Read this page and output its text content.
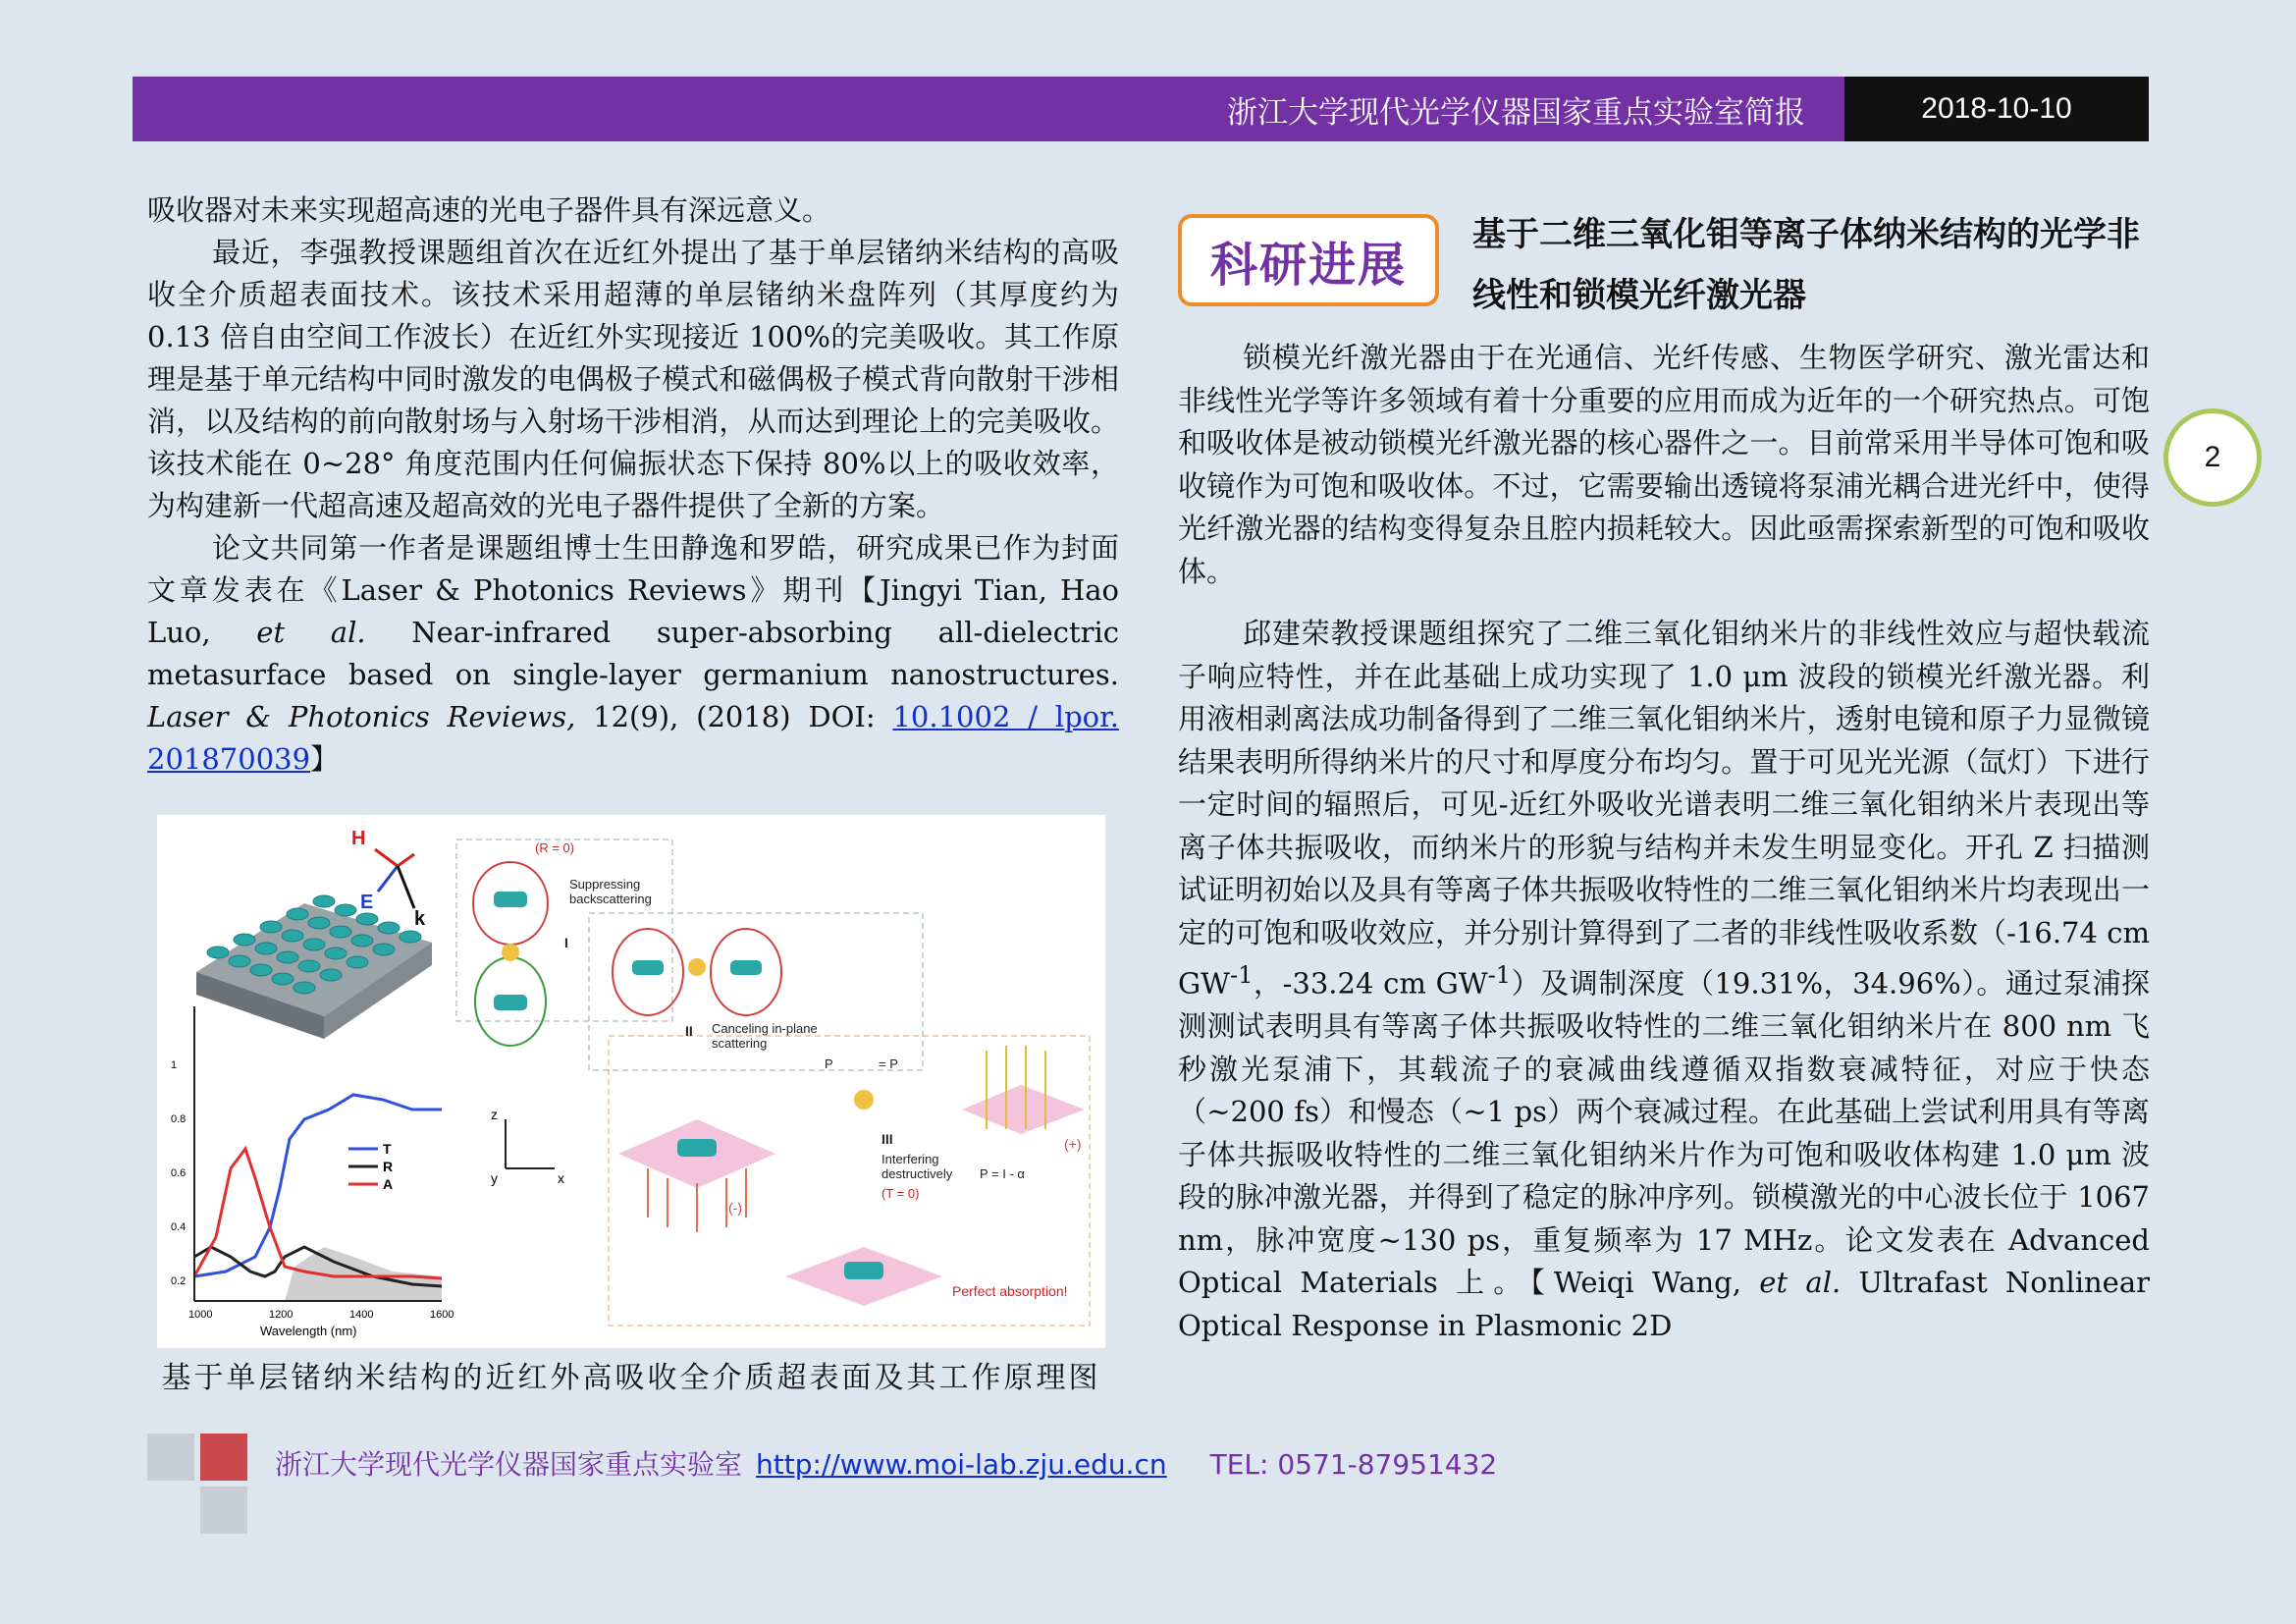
浙江大学现代光学仪器国家重点实验室简报	2018-10-10
2

吸收器对未来实现超高速的光电子器件具有深远意义。

最近，李强教授课题组首次在近红外提出了基于单层锗纳米结构的高吸收全介质超表面技术。该技术采用超薄的单层锗纳米盘阵列（其厚度约为 0.13 倍自由空间工作波长）在近红外实现接近 100%的完美吸收。其工作原理是基于单元结构中同时激发的电偶极子模式和磁偶极子模式背向散射干涉相消，以及结构的前向散射场与入射场干涉相消，从而达到理论上的完美吸收。该技术能在 0~28° 角度范围内任何偏振状态下保持 80%以上的吸收效率，为构建新一代超高速及超高效的光电子器件提供了全新的方案。

论文共同第一作者是课题组博士生田静逸和罗皓，研究成果已作为封面文章发表在《Laser & Photonics Reviews》期刊【Jingyi Tian, Hao Luo, et al. Near-infrared super-absorbing all-dielectric metasurface based on single-layer germanium nanostructures. Laser & Photonics Reviews, 12(9), (2018) DOI: 10.1002 / lpor. 201870039】

H
E
k
(R = 0)
Suppressing
backscattering
Canceling in-plane
scattering
II
I
(-)
(+)
P	= P
III
Interfering
destructively
(T = 0)
P = I - α
Perfect absorption!
z
y	x
1000	1200	1400	1600
0.2
0.4
0.6
0.8
1
Wavelength (nm)
T
R
A
基于单层锗纳米结构的近红外高吸收全介质超表面及其工作原理图
科研进展
基于二维三氧化钼等离子体纳米结构的光学非线性和锁模光纤激光器

锁模光纤激光器由于在光通信、光纤传感、生物医学研究、激光雷达和非线性光学等许多领域有着十分重要的应用而成为近年的一个研究热点。可饱和吸收体是被动锁模光纤激光器的核心器件之一。目前常采用半导体可饱和吸收镜作为可饱和吸收体。不过，它需要输出透镜将泵浦光耦合进光纤中，使得光纤激光器的结构变得复杂且腔内损耗较大。因此亟需探索新型的可饱和吸收体。

邱建荣教授课题组探究了二维三氧化钼纳米片的非线性效应与超快载流子响应特性，并在此基础上成功实现了 1.0 μm 波段的锁模光纤激光器。利用液相剥离法成功制备得到了二维三氧化钼纳米片，透射电镜和原子力显微镜结果表明所得纳米片的尺寸和厚度分布均匀。置于可见光光源（氙灯）下进行一定时间的辐照后，可见-近红外吸收光谱表明二维三氧化钼纳米片表现出等离子体共振吸收，而纳米片的形貌与结构并未发生明显变化。开孔 Z 扫描测试证明初始以及具有等离子体共振吸收特性的二维三氧化钼纳米片均表现出一定的可饱和吸收效应，并分别计算得到了二者的非线性吸收系数（-16.74 cm $GW^{-1}$，-33.24 cm $GW^{-1}$）及调制深度（19.31%，34.96%）。通过泵浦探测测试表明具有等离子体共振吸收特性的二维三氧化钼纳米片在 800 nm 飞秒激光泵浦下，其载流子的衰减曲线遵循双指数衰减特征，对应于快态（~200 fs）和慢态（~1 ps）两个衰减过程。在此基础上尝试利用具有等离子体共振吸收特性的二维三氧化钼纳米片作为可饱和吸收体构建 1.0 μm 波段的脉冲激光器，并得到了稳定的脉冲序列。锁模激光的中心波长位于 1067 nm，脉冲宽度~130 ps，重复频率为 17 MHz。论文发表在 Advanced Optical Materials 上。【Weiqi Wang, et al. Ultrafast Nonlinear Optical Response in Plasmonic 2D

浙江大学现代光学仪器国家重点实验室 http://www.moi-lab.zju.edu.cn TEL: 0571-87951432
